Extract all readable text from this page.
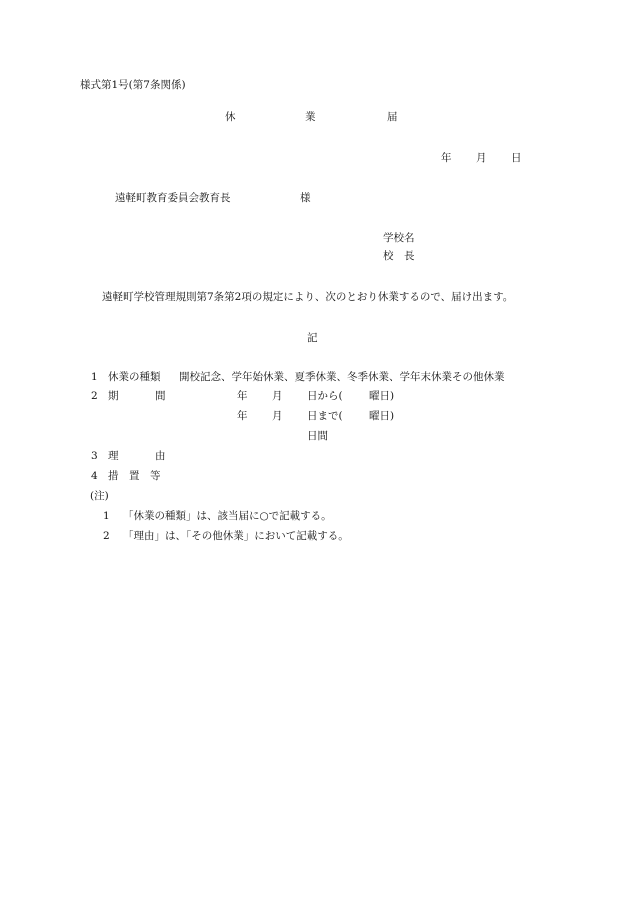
様式第1号(第7条関係)
休	業	届
年 月 日
遠軽町教育委員会教育長	様
学校名
校　長
遠軽町学校管理規則第7条第2項の規定により、次のとおり休業するので、届け出ます。
記
1 休業の種類 開校記念、学年始休業、夏季休業、冬季休業、学年末休業その他休業
2 期	間	年 月 日から(	曜日)
年 月 日まで(	曜日)
日間
3 理	由
4 措　置　等
(注)
1 「休業の種類」は、該当届に○で記載する。
2 「理由」は、「その他休業」において記載する。
